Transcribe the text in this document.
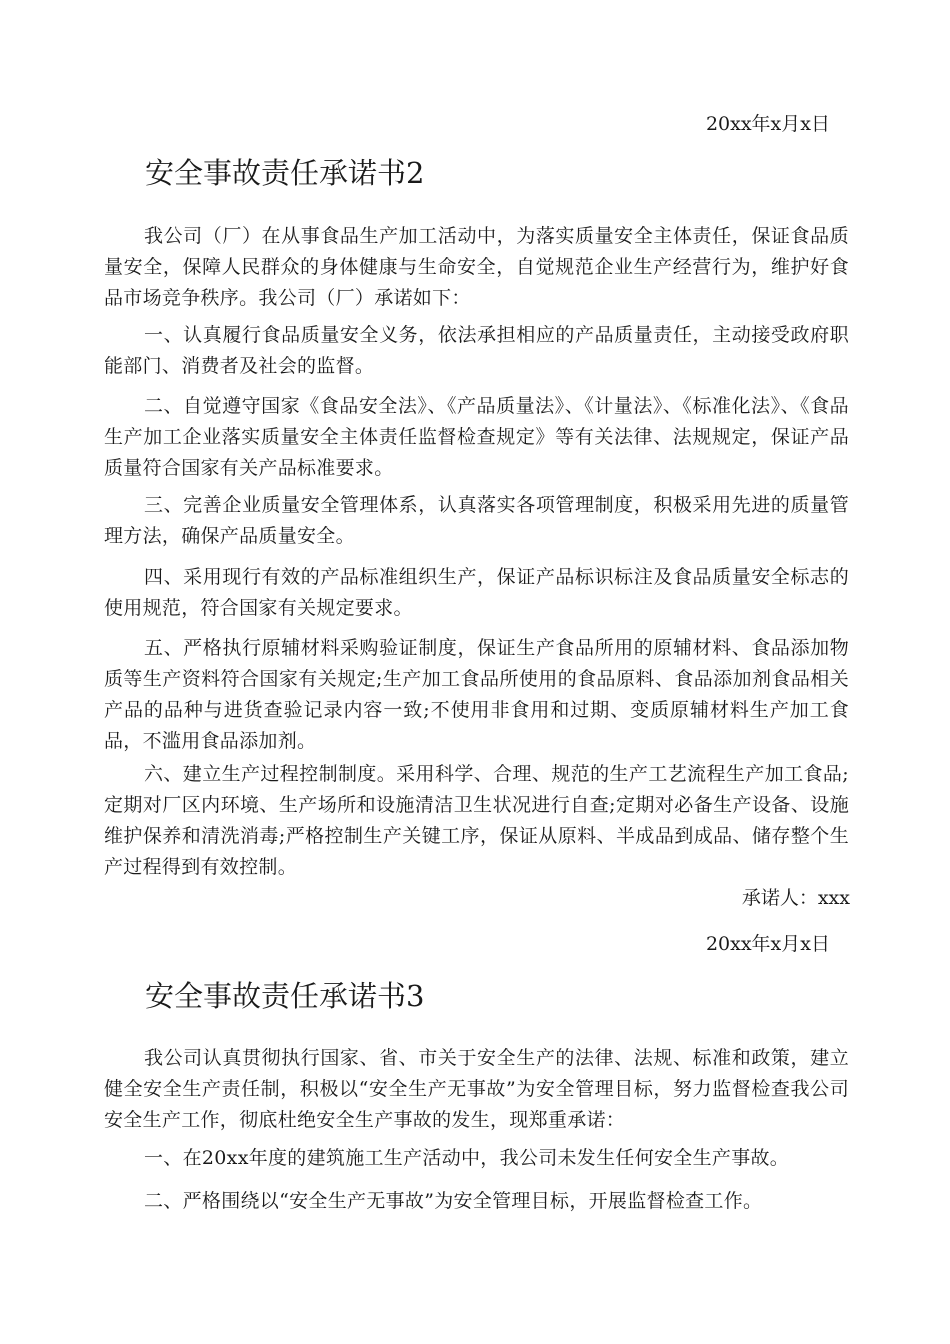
20xx年x月x日
安全事故责任承诺书2

我公司（厂）在从事食品生产加工活动中，为落实质量安全主体责任，保证食品质量安全，保障人民群众的身体健康与生命安全，自觉规范企业生产经营行为，维护好食品市场竞争秩序。我公司（厂）承诺如下：

一、认真履行食品质量安全义务，依法承担相应的产品质量责任，主动接受政府职能部门、消费者及社会的监督。

二、自觉遵守国家《食品安全法》、《产品质量法》、《计量法》、《标准化法》、《食品生产加工企业落实质量安全主体责任监督检查规定》等有关法律、法规规定，保证产品质量符合国家有关产品标准要求。

三、完善企业质量安全管理体系，认真落实各项管理制度，积极采用先进的质量管理方法，确保产品质量安全。

四、采用现行有效的产品标准组织生产，保证产品标识标注及食品质量安全标志的使用规范，符合国家有关规定要求。

五、严格执行原辅材料采购验证制度，保证生产食品所用的原辅材料、食品添加物质等生产资料符合国家有关规定;生产加工食品所使用的食品原料、食品添加剂食品相关产品的品种与进货查验记录内容一致;不使用非食用和过期、变质原辅材料生产加工食品，不滥用食品添加剂。

六、建立生产过程控制制度。采用科学、合理、规范的生产工艺流程生产加工食品;定期对厂区内环境、生产场所和设施清洁卫生状况进行自查;定期对必备生产设备、设施维护保养和清洗消毒;严格控制生产关键工序，保证从原料、半成品到成品、储存整个生产过程得到有效控制。

承诺人：xxx
20xx年x月x日
安全事故责任承诺书3

我公司认真贯彻执行国家、省、市关于安全生产的法律、法规、标准和政策，建立健全安全生产责任制，积极以“安全生产无事故”为安全管理目标，努力监督检查我公司安全生产工作，彻底杜绝安全生产事故的发生，现郑重承诺：

一、在20xx年度的建筑施工生产活动中，我公司未发生任何安全生产事故。

二、严格围绕以“安全生产无事故”为安全管理目标，开展监督检查工作。
